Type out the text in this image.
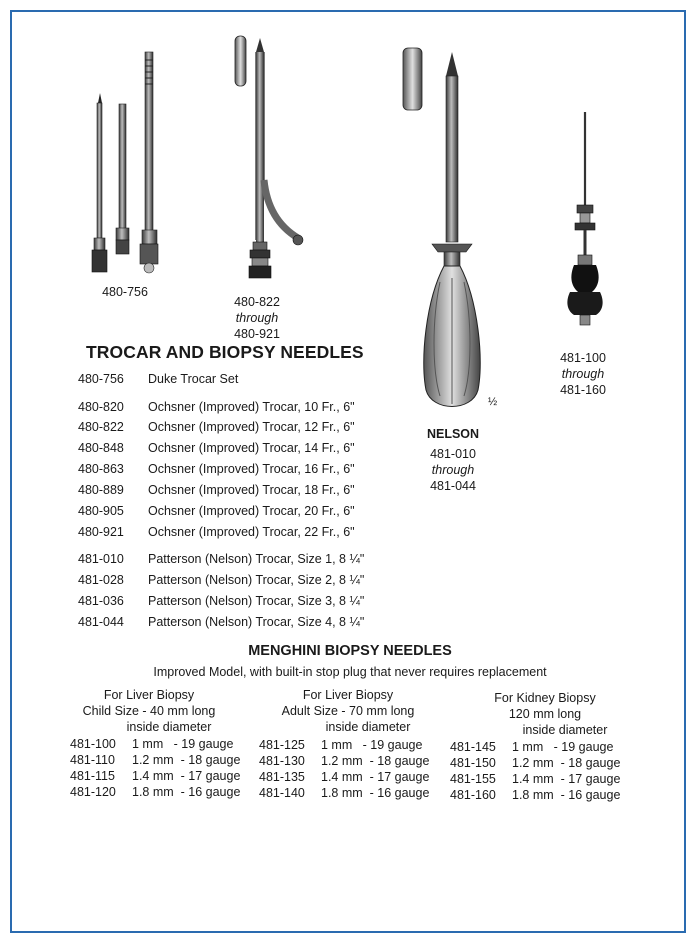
480-756
480-822
through
480-921
½
NELSON
481-010
through
481-044
481-100
through
481-160
TROCAR AND BIOPSY NEEDLES
480-756	Duke Trocar Set
480-820	Ochsner (Improved) Trocar, 10 Fr., 6"
480-822	Ochsner (Improved) Trocar, 12 Fr., 6"
480-848	Ochsner (Improved) Trocar, 14 Fr., 6"
480-863	Ochsner (Improved) Trocar, 16 Fr., 6"
480-889	Ochsner (Improved) Trocar, 18 Fr., 6"
480-905	Ochsner (Improved) Trocar, 20 Fr., 6"
480-921	Ochsner (Improved) Trocar, 22 Fr., 6"
481-010	Patterson (Nelson) Trocar, Size 1, 8 ¼"
481-028	Patterson (Nelson) Trocar, Size 2, 8 ¼"
481-036	Patterson (Nelson) Trocar, Size 3, 8 ¼"
481-044	Patterson (Nelson) Trocar, Size 4, 8 ¼"
MENGHINI BIOPSY NEEDLES
Improved Model, with built-in stop plug that never requires replacement
For Liver Biopsy
Child Size - 40 mm long
inside diameter
481-100 1 mm   - 19 gauge
481-110 1.2 mm  - 18 gauge
481-115 1.4 mm  - 17 gauge
481-120 1.8 mm  - 16 gauge
For Liver Biopsy
Adult Size - 70 mm long
inside diameter
481-125 1 mm   - 19 gauge
481-130 1.2 mm  - 18 gauge
481-135 1.4 mm  - 17 gauge
481-140 1.8 mm  - 16 gauge
For Kidney Biopsy
120 mm long
inside diameter
481-145 1 mm   - 19 gauge
481-150 1.2 mm  - 18 gauge
481-155 1.4 mm  - 17 gauge
481-160 1.8 mm  - 16 gauge
